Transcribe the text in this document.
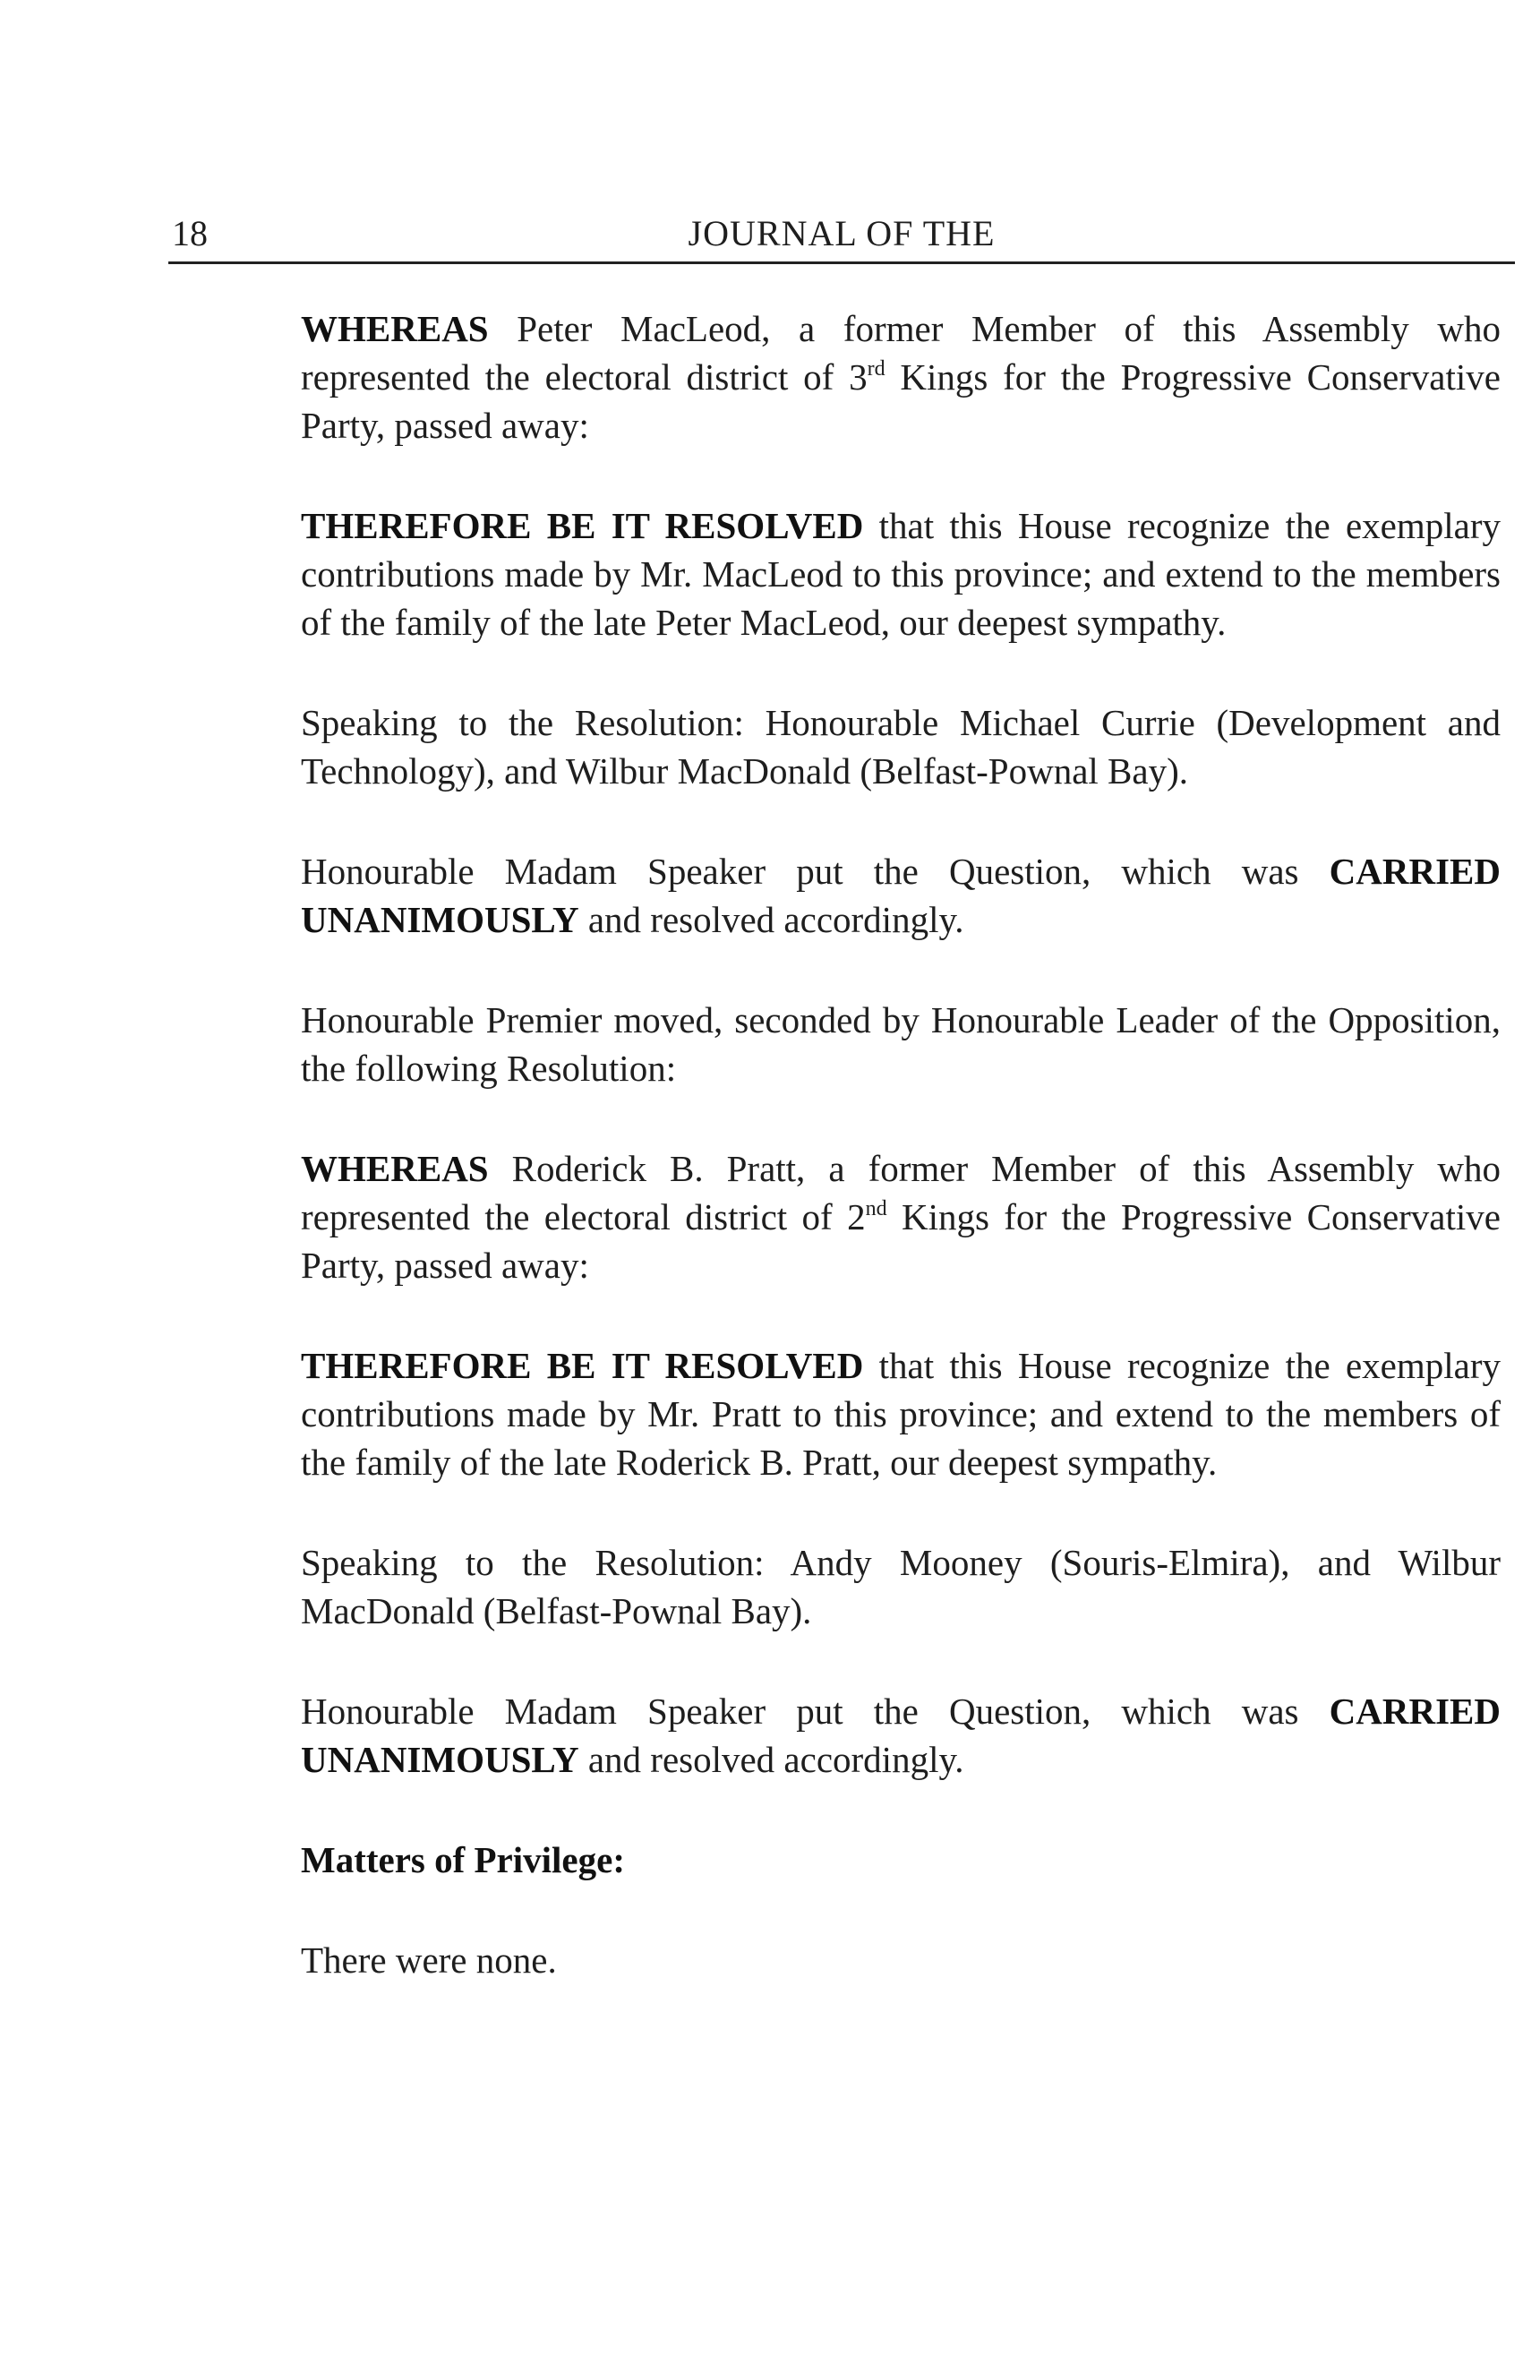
18	JOURNAL OF THE

WHEREAS Peter MacLeod, a former Member of this Assembly who represented the electoral district of 3rd Kings for the Progressive Conservative Party, passed away:

THEREFORE BE IT RESOLVED that this House recognize the exemplary contributions made by Mr. MacLeod to this province; and extend to the members of the family of the late Peter MacLeod, our deepest sympathy.

Speaking to the Resolution: Honourable Michael Currie (Development and Technology), and Wilbur MacDonald (Belfast-Pownal Bay).

Honourable Madam Speaker put the Question, which was CARRIED UNANIMOUSLY and resolved accordingly.

Honourable Premier moved, seconded by Honourable Leader of the Opposition, the following Resolution:

WHEREAS Roderick B. Pratt, a former Member of this Assembly who represented the electoral district of 2nd Kings for the Progressive Conservative Party, passed away:

THEREFORE BE IT RESOLVED that this House recognize the exemplary contributions made by Mr. Pratt to this province; and extend to the members of the family of the late Roderick B. Pratt, our deepest sympathy.

Speaking to the Resolution: Andy Mooney (Souris-Elmira), and Wilbur MacDonald (Belfast-Pownal Bay).

Honourable Madam Speaker put the Question, which was CARRIED UNANIMOUSLY and resolved accordingly.

Matters of Privilege:

There were none.
